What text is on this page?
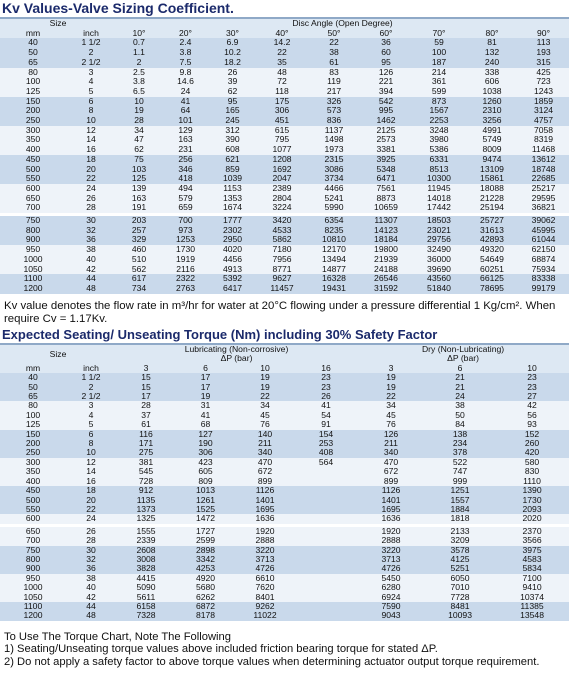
Kv Values-Valve Sizing Coefficient.
Size		Disc Angle (Open Degree)								
mm	inch	10°	20°	30°	40°	50°	60°	70°	80°	90°
40	1 1/2	0.7	2.4	6.9	14.2	22	36	59	81	113
50	2	1.1	3.8	10.2	22	38	60	100	132	193
65	2 1/2	2	7.5	18.2	35	61	95	187	240	315
80	3	2.5	9.8	26	48	83	126	214	338	425
100	4	3.8	14.6	39	72	119	221	361	606	723
125	5	6.5	24	62	118	217	394	599	1038	1243
150	6	10	41	95	175	326	542	873	1260	1859
200	8	19	64	165	306	573	995	1567	2310	3124
250	10	28	101	245	451	836	1462	2253	3256	4757
300	12	34	129	312	615	1137	2125	3248	4991	7058
350	14	47	163	390	795	1498	2573	3980	5749	8319
400	16	62	231	608	1077	1973	3381	5386	8009	11468
450	18	75	256	621	1208	2315	3925	6331	9474	13612
500	20	103	346	859	1692	3086	5348	8513	13109	18748
550	22	125	418	1039	2047	3734	6471	10300	15861	22685
600	24	139	494	1153	2389	4466	7561	11945	18088	25217
650	26	163	579	1353	2804	5241	8873	14018	21228	29595
700	28	191	659	1674	3224	5990	10659	17442	25194	36821

750	30	203	700	1777	3420	6354	11307	18503	25727	39062
800	32	257	973	2302	4533	8235	14123	23021	31613	45995
900	36	329	1253	2950	5862	10810	18184	29756	42893	61044
950	38	460	1730	4020	7180	12170	19800	32490	49320	62150
1000	40	510	1919	4456	7956	13494	21939	36000	54649	68874
1050	42	562	2116	4913	8771	14877	24188	39690	60251	75934
1100	44	617	2322	5392	9627	16328	26546	43560	66125	83338
1200	48	734	2763	6417	11457	19431	31592	51840	78695	99179
Kv value denotes the flow rate in m³/hr for water at 20°C flowing under a pressure differential 1 Kg/cm². When require Cv = 1.17Kv.
Expected Seating/ Unseating Torque (Nm) including 30% Safety Factor
Size		Lubricating (Non-corrosive)				Dry (Non-Lubricating)		
		ΔP (bar)				ΔP (bar)		
mm	inch	3	6	10	16	3	6	10
40	1 1/2	15	17	19	23	19	21	23
50	2	15	17	19	23	19	21	23
65	2 1/2	17	19	22	26	22	24	27
80	3	28	31	34	41	34	38	42
100	4	37	41	45	54	45	50	56
125	5	61	68	76	91	76	84	93
150	6	116	127	140	154	126	138	152
200	8	171	190	211	253	211	234	260
250	10	275	306	340	408	340	378	420
300	12	381	423	470	564	470	522	580
350	14	545	605	672		672	747	830
400	16	728	809	899		899	999	1110
450	18	912	1013	1126		1126	1251	1390
500	20	1135	1261	1401		1401	1557	1730
550	22	1373	1525	1695		1695	1884	2093
600	24	1325	1472	1636		1636	1818	2020

650	26	1555	1727	1920		1920	2133	2370
700	28	2339	2599	2888		2888	3209	3566
750	30	2608	2898	3220		3220	3578	3975
800	32	3008	3342	3713		3713	4125	4583
900	36	3828	4253	4726		4726	5251	5834
950	38	4415	4920	6610		5450	6050	7100
1000	40	5090	5680	7620		6280	7010	9410
1050	42	5611	6262	8401		6924	7728	10374
1100	44	6158	6872	9262		7590	8481	11385
1200	48	7328	8178	11022		9043	10093	13548
To Use The Torque Chart, Note The Following
1) Seating/Unseating torque values above included friction bearing torque for stated ΔP.
2) Do not apply a safety factor to above torque values when determining actuator output torque requirement.
